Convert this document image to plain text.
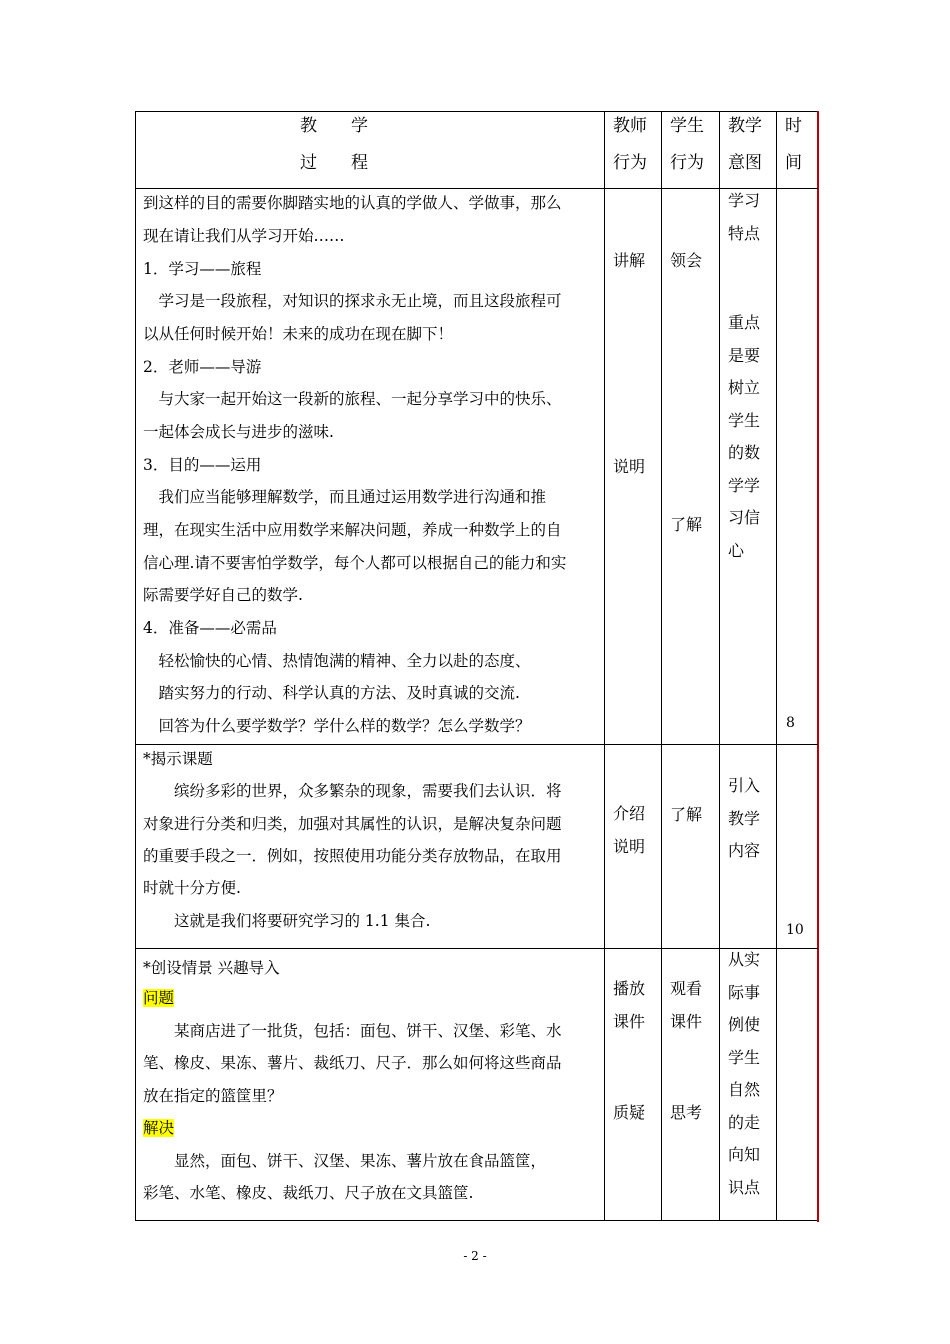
教　　学
过　　程
教师
行为
学生
行为
教学
意图
时
间
到这样的目的需要你脚踏实地的认真的学做人、学做事，那么
现在请让我们从学习开始……
1．学习——旅程
　学习是一段旅程，对知识的探求永无止境，而且这段旅程可
以从任何时候开始！未来的成功在现在脚下！
2．老师——导游
　与大家一起开始这一段新的旅程、一起分享学习中的快乐、
一起体会成长与进步的滋味.
3．目的——运用
　我们应当能够理解数学，而且通过运用数学进行沟通和推
理，在现实生活中应用数学来解决问题，养成一种数学上的自
信心理.请不要害怕学数学，每个人都可以根据自己的能力和实
际需要学好自己的数学.
4．准备——必需品
　轻松愉快的心情、热情饱满的精神、全力以赴的态度、
　踏实努力的行动、科学认真的方法、及时真诚的交流.
　回答为什么要学数学？学什么样的数学？怎么学数学？
讲解
说明
领会
了解
学习
特点
重点
是要
树立
学生
的数
学学
习信
心
8
*揭示课题
　　缤纷多彩的世界，众多繁杂的现象，需要我们去认识．将
对象进行分类和归类，加强对其属性的认识，是解决复杂问题
的重要手段之一．例如，按照使用功能分类存放物品，在取用
时就十分方便.
　　这就是我们将要研究学习的 1.1 集合.
介绍
说明
了解
引入
教学
内容
10
*创设情景 兴趣导入
问题
　　某商店进了一批货，包括：面包、饼干、汉堡、彩笔、水
笔、橡皮、果冻、薯片、裁纸刀、尺子．那么如何将这些商品
放在指定的篮筐里？
解决
　　显然，面包、饼干、汉堡、果冻、薯片放在食品篮筐，
彩笔、水笔、橡皮、裁纸刀、尺子放在文具篮筐.
播放
课件
质疑
观看
课件
思考
从实
际事
例使
学生
自然
的走
向知
识点
- 2 -
